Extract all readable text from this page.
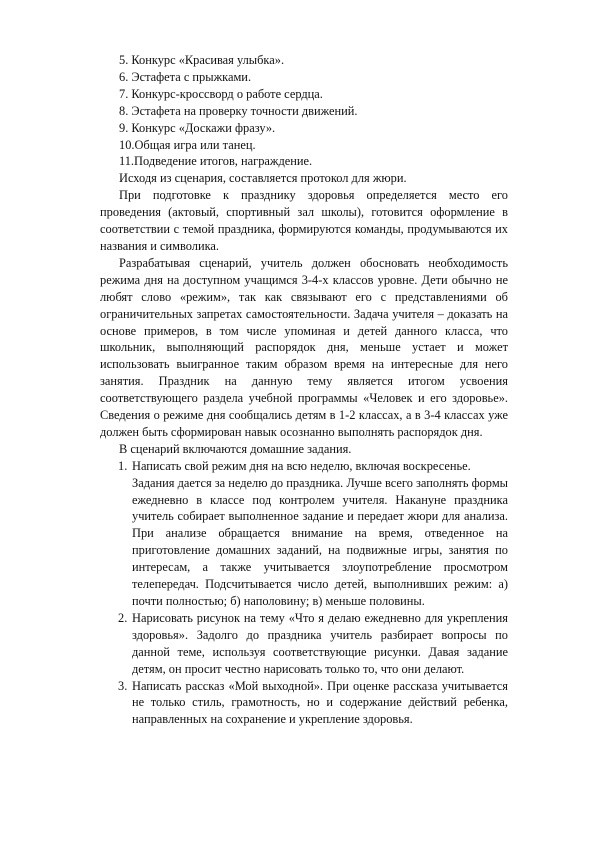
5. Конкурс «Красивая улыбка».
6. Эстафета с прыжками.
7. Конкурс-кроссворд о работе сердца.
8. Эстафета на проверку точности движений.
9. Конкурс «Доскажи фразу».
10.Общая игра или танец.
11.Подведение итогов, награждение.
Исходя из сценария, составляется протокол для жюри.

При подготовке к празднику здоровья определяется место его проведения (актовый, спортивный зал школы), готовится оформление в соответствии с темой праздника, формируются команды, продумываются их названия и символика.

Разрабатывая сценарий, учитель должен обосновать необходимость режима дня на доступном учащимся 3-4-х классов уровне. Дети обычно не любят слово «режим», так как связывают его с представлениями об ограничительных запретах самостоятельности. Задача учителя – доказать на основе примеров, в том числе упоминая и детей данного класса, что школьник, выполняющий распорядок дня, меньше устает и может использовать выигранное таким образом время на интересные для него занятия. Праздник на данную тему является итогом усвоения соответствующего раздела учебной программы «Человек и его здоровье». Сведения о режиме дня сообщались детям в 1-2 классах, а в 3-4 классах уже должен быть сформирован навык осознанно выполнять распорядок дня.

В сценарий включаются домашние задания.
1. Написать свой режим дня на всю неделю, включая воскресенье.
Задания дается за неделю до праздника. Лучше всего заполнять формы ежедневно в классе под контролем учителя. Накануне праздника учитель собирает выполненное задание и передает жюри для анализа. При анализе обращается внимание на время, отведенное на приготовление домашних заданий, на подвижные игры, занятия по интересам, а также учитывается злоупотребление просмотром телепередач. Подсчитывается число детей, выполнивших режим: а) почти полностью; б) наполовину; в) меньше половины.
2. Нарисовать рисунок на тему «Что я делаю ежедневно для укрепления здоровья». Задолго до праздника учитель разбирает вопросы по данной теме, используя соответствующие рисунки. Давая задание детям, он просит честно нарисовать только то, что они делают.
3. Написать рассказ «Мой выходной». При оценке рассказа учитывается не только стиль, грамотность, но и содержание действий ребенка, направленных на сохранение и укрепление здоровья.
